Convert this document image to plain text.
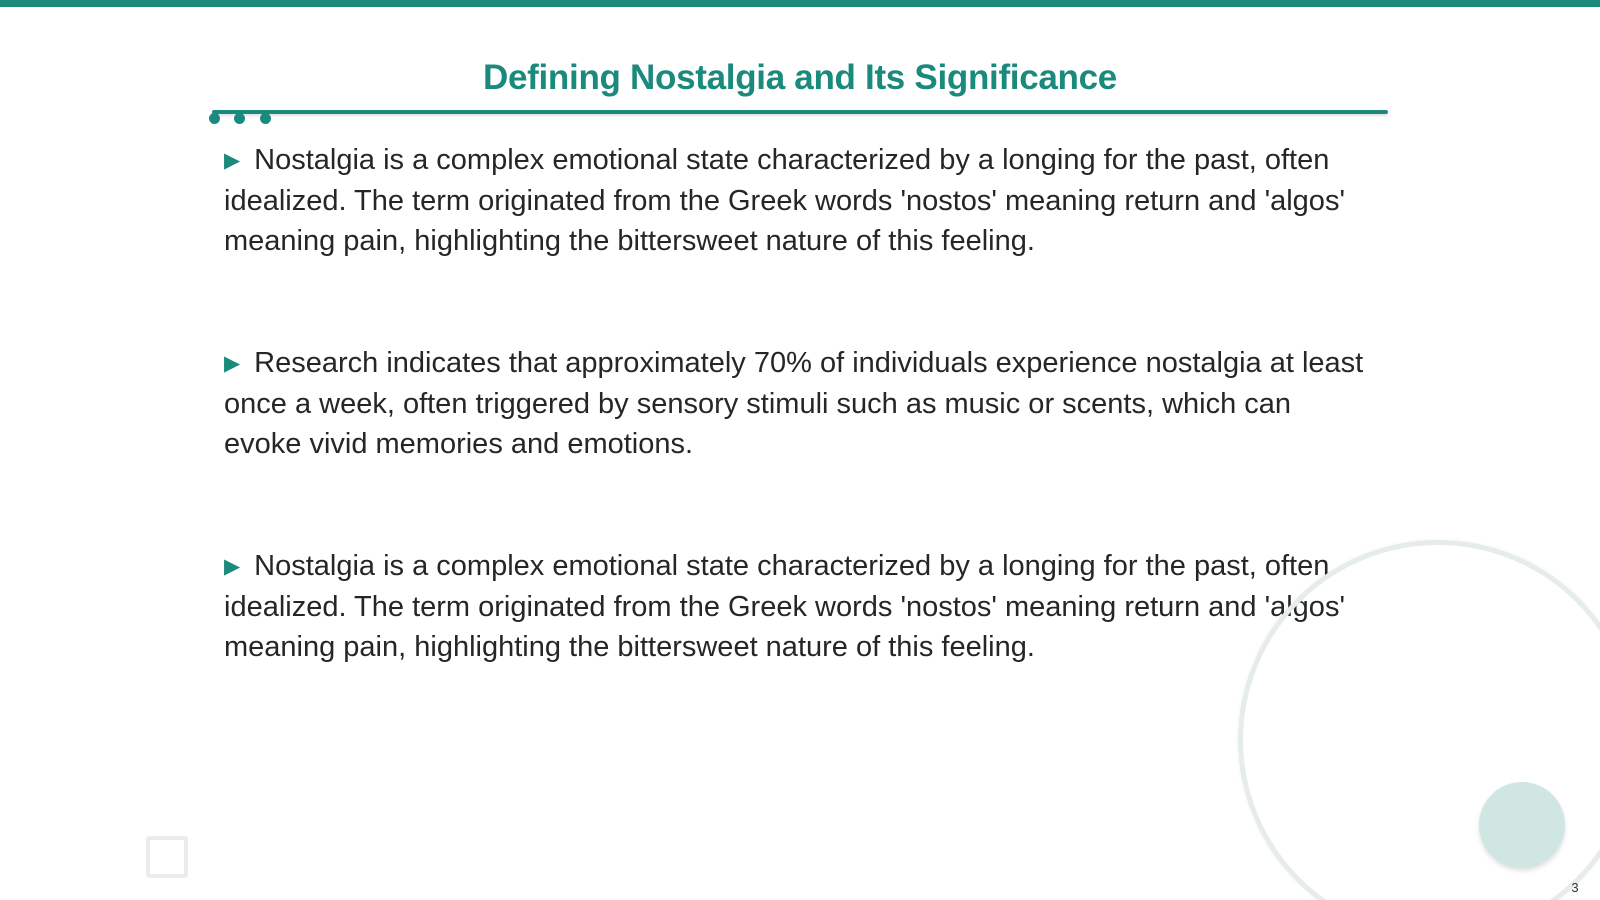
Defining Nostalgia and Its Significance

▶ Nostalgia is a complex emotional state characterized by a longing for the past, often idealized. The term originated from the Greek words 'nostos' meaning return and 'algos' meaning pain, highlighting the bittersweet nature of this feeling.

▶ Research indicates that approximately 70% of individuals experience nostalgia at least once a week, often triggered by sensory stimuli such as music or scents, which can evoke vivid memories and emotions.

▶ Nostalgia is a complex emotional state characterized by a longing for the past, often idealized. The term originated from the Greek words 'nostos' meaning return and 'algos' meaning pain, highlighting the bittersweet nature of this feeling.

3
